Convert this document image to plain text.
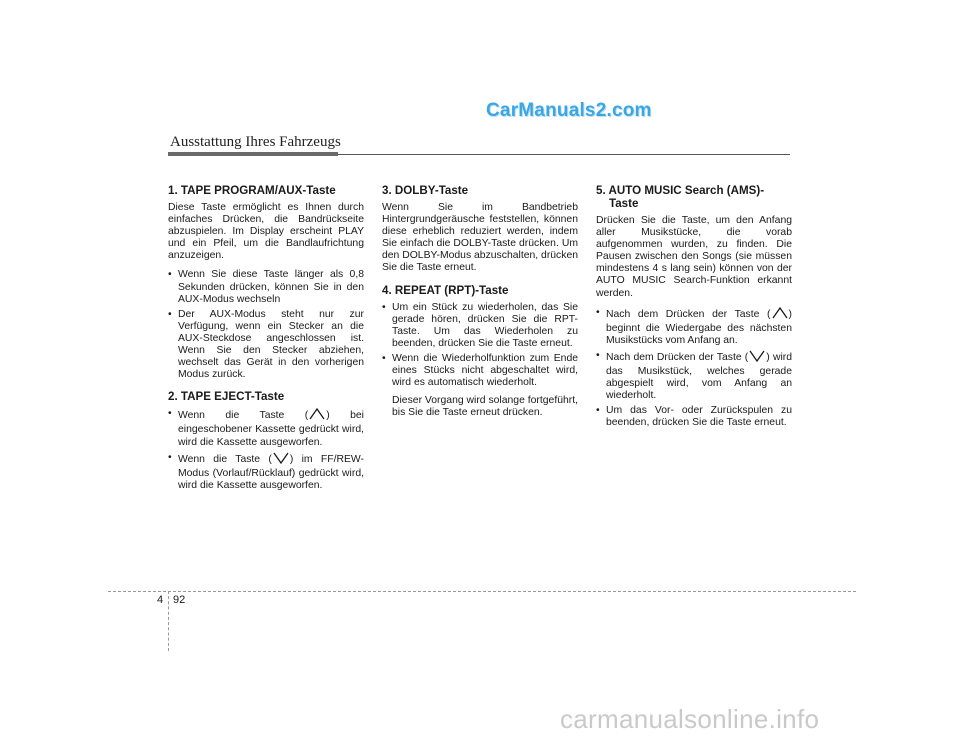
CarManuals2.com
Ausstattung Ihres Fahrzeugs
1. TAPE PROGRAM/AUX-Taste

Diese Taste ermöglicht es Ihnen durch einfaches Drücken, die Bandrückseite abzuspielen. Im Display erscheint PLAY und ein Pfeil, um die Bandlaufrichtung anzuzeigen.

• Wenn Sie diese Taste länger als 0,8 Sekunden drücken, können Sie in den AUX-Modus wechseln
• Der AUX-Modus steht nur zur Verfügung, wenn ein Stecker an die AUX-Steckdose angeschlossen ist. Wenn Sie den Stecker abziehen, wechselt das Gerät in den vorherigen Modus zurück.
2. TAPE EJECT-Taste
• Wenn die Taste ( ) bei eingeschobener Kassette gedrückt wird, wird die Kassette ausgeworfen.
• Wenn die Taste ( ) im FF/REW-Modus (Vorlauf/Rücklauf) gedrückt wird, wird die Kassette ausgeworfen.
3. DOLBY-Taste

Wenn Sie im Bandbetrieb Hintergrundgeräusche feststellen, können diese erheblich reduziert werden, indem Sie einfach die DOLBY-Taste drücken. Um den DOLBY-Modus abzuschalten, drücken Sie die Taste erneut.

4. REPEAT (RPT)-Taste
• Um ein Stück zu wiederholen, das Sie gerade hören, drücken Sie die RPT-Taste. Um das Wiederholen zu beenden, drücken Sie die Taste erneut.
• Wenn die Wiederholfunktion zum Ende eines Stücks nicht abgeschaltet wird, wird es automatisch wiederholt.

Dieser Vorgang wird solange fortgeführt, bis Sie die Taste erneut drücken.

5. AUTO MUSIC Search (AMS)-Taste

Drücken Sie die Taste, um den Anfang aller Musikstücke, die vorab aufgenommen wurden, zu finden. Die Pausen zwischen den Songs (sie müssen mindestens 4 s lang sein) können von der AUTO MUSIC Search-Funktion erkannt werden.

• Nach dem Drücken der Taste ( ) beginnt die Wiedergabe des nächsten Musikstücks vom Anfang an.
• Nach dem Drücken der Taste ( ) wird das Musikstück, welches gerade abgespielt wird, vom Anfang an wiederholt.
• Um das Vor- oder Zurückspulen zu beenden, drücken Sie die Taste erneut.
4 92
carmanualsonline.info
